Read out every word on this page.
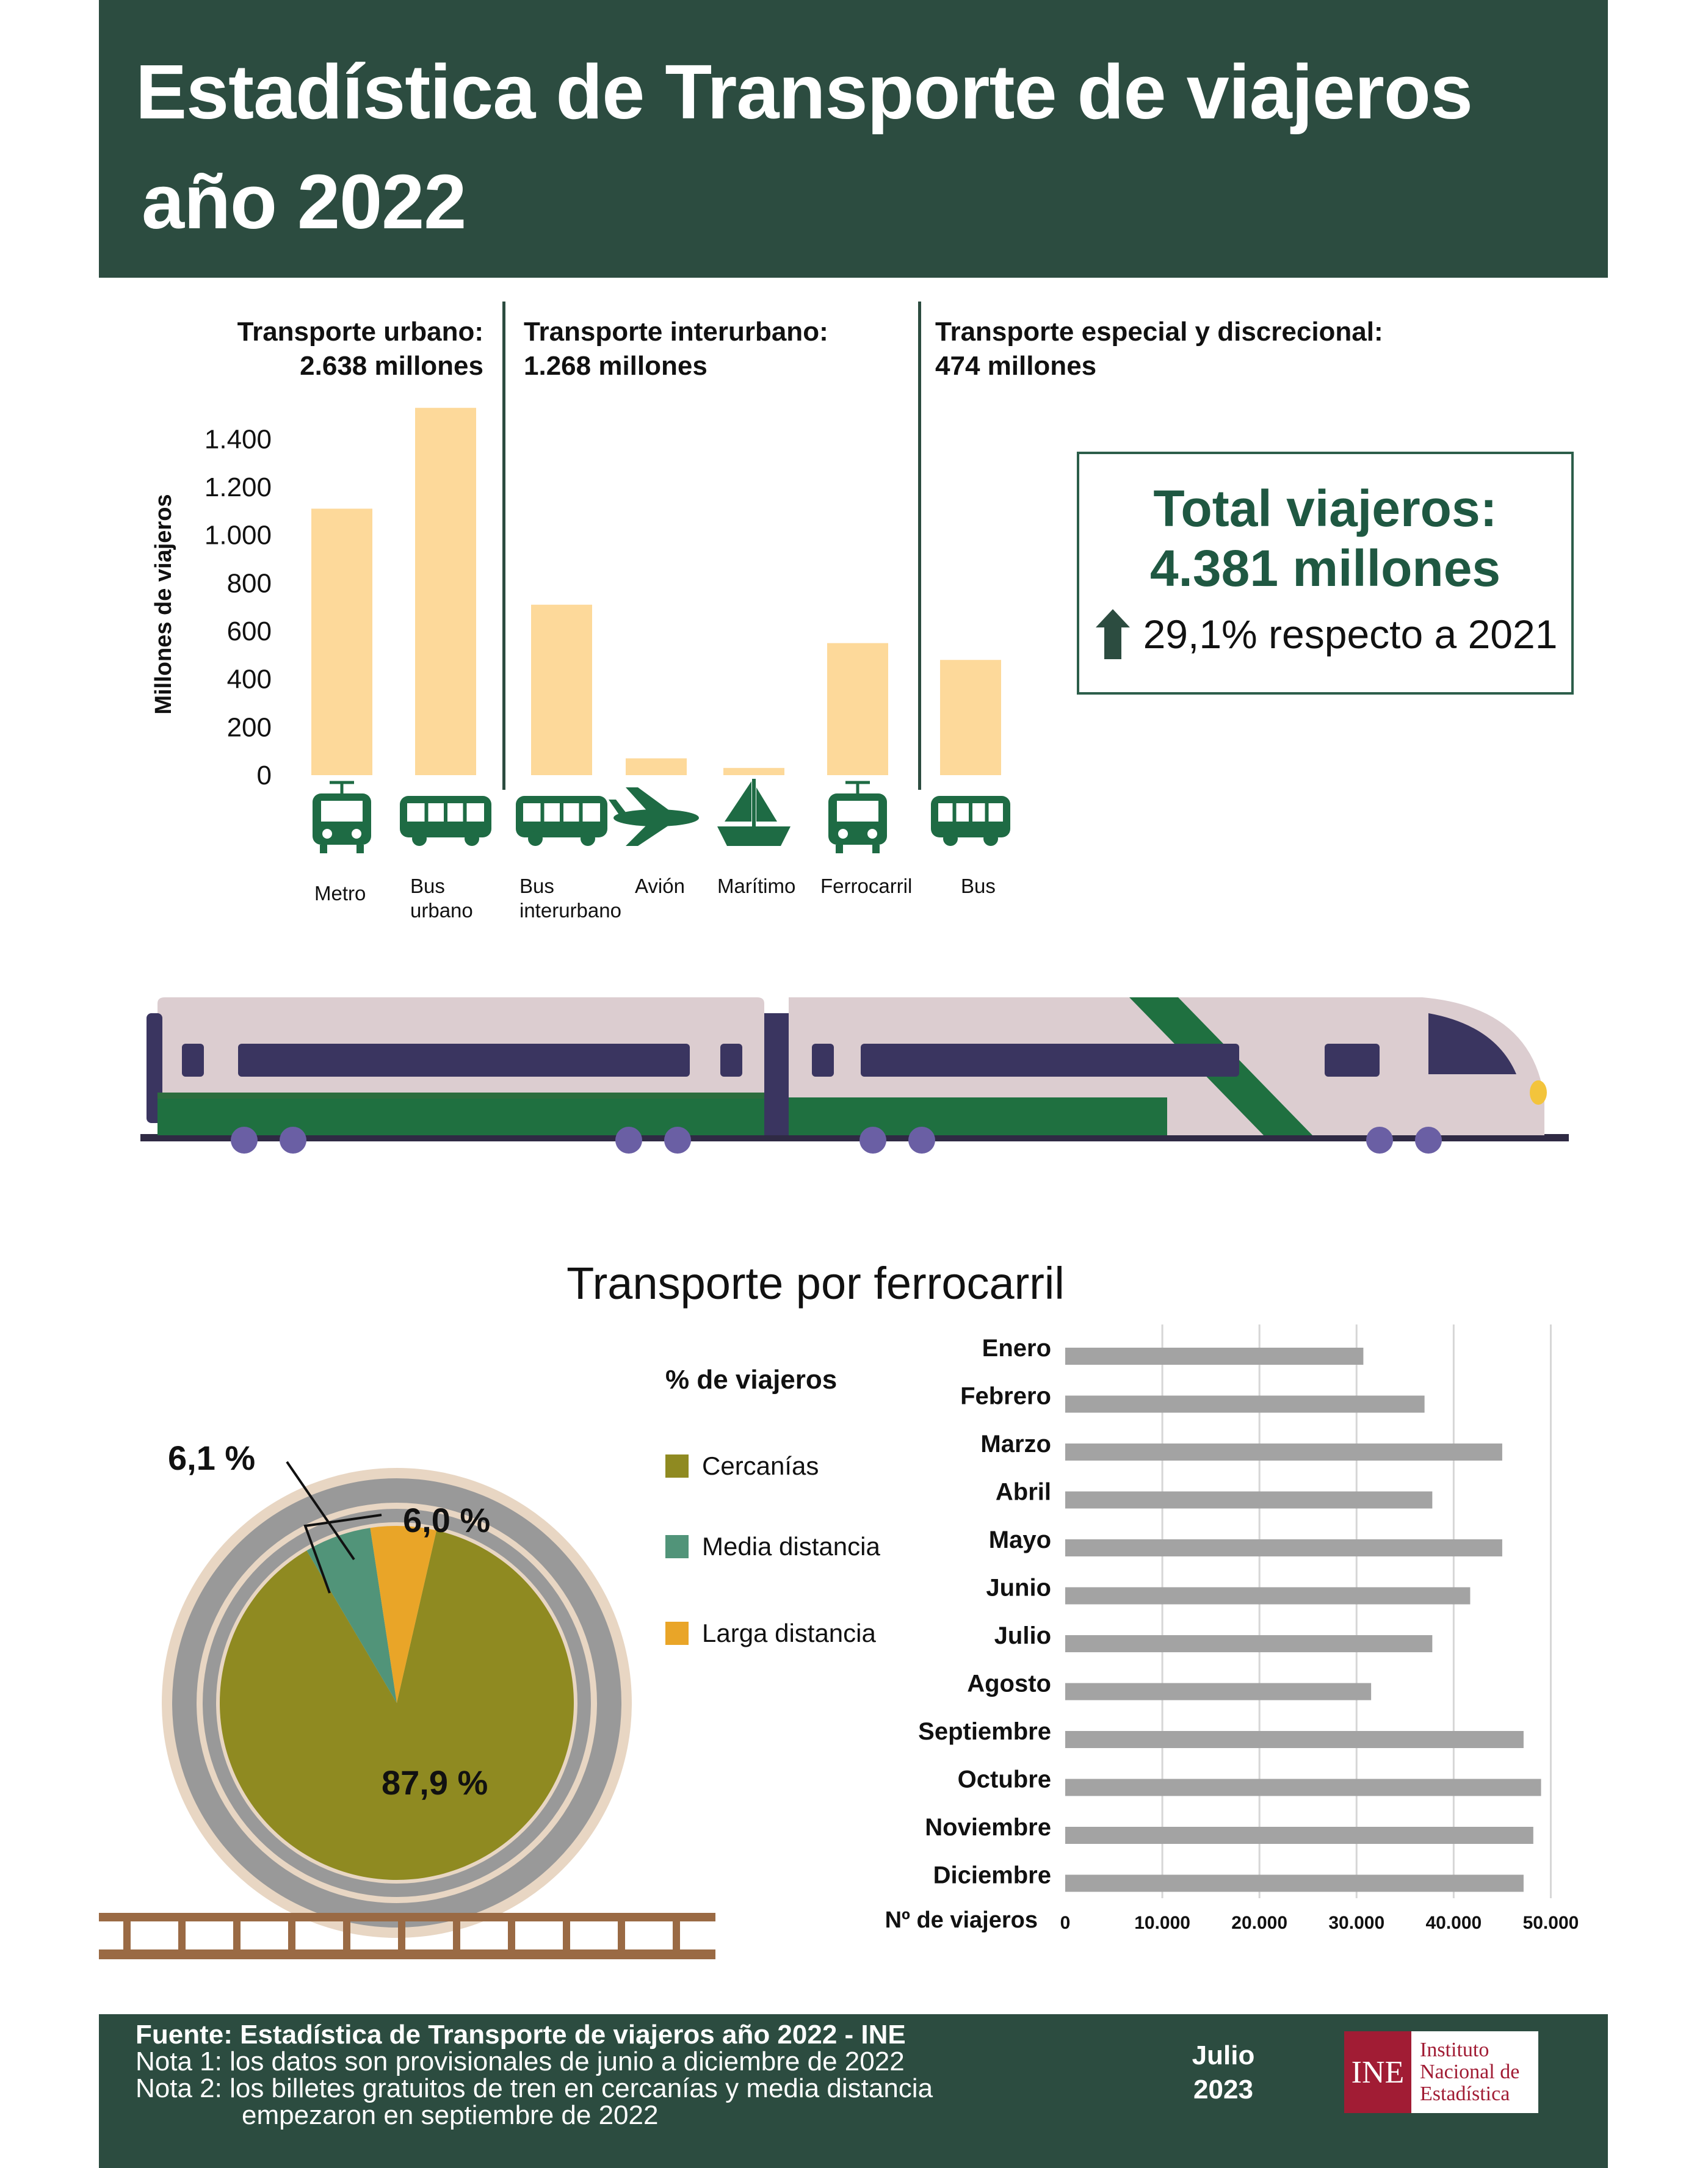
Estadística de Transporte de viajeros
año 2022
Transporte urbano:
2.638 millones
Transporte interurbano:
1.268 millones
Transporte especial y discrecional:
474 millones
Millones de viajeros
0
200
400
600
800
1.000
1.200
1.400
Metro Bus
urbano
Bus
interurbano
Avión Marítimo Ferrocarril Bus
Total viajeros:
4.381 millones
29,1% respecto a 2021
Transporte por ferrocarril
6,1 %
6,0 %
87,9 %
% de viajeros
Cercanías
Media distancia
Larga distancia
Enero
Febrero
Marzo
Abril
Mayo
Junio
Julio
Agosto
Septiembre
Octubre
Noviembre
Diciembre
0	10.000 20.000 30.000 40.000 50.000
Nº de viajeros
Fuente: Estadística de Transporte de viajeros año 2022 - INE
Nota 1: los datos son provisionales de junio a diciembre de 2022
Nota 2: los billetes gratuitos de tren en cercanías y media distancia
empezaron en septiembre de 2022
Julio
2023	INE
Instituto
Nacional de
Estadística
